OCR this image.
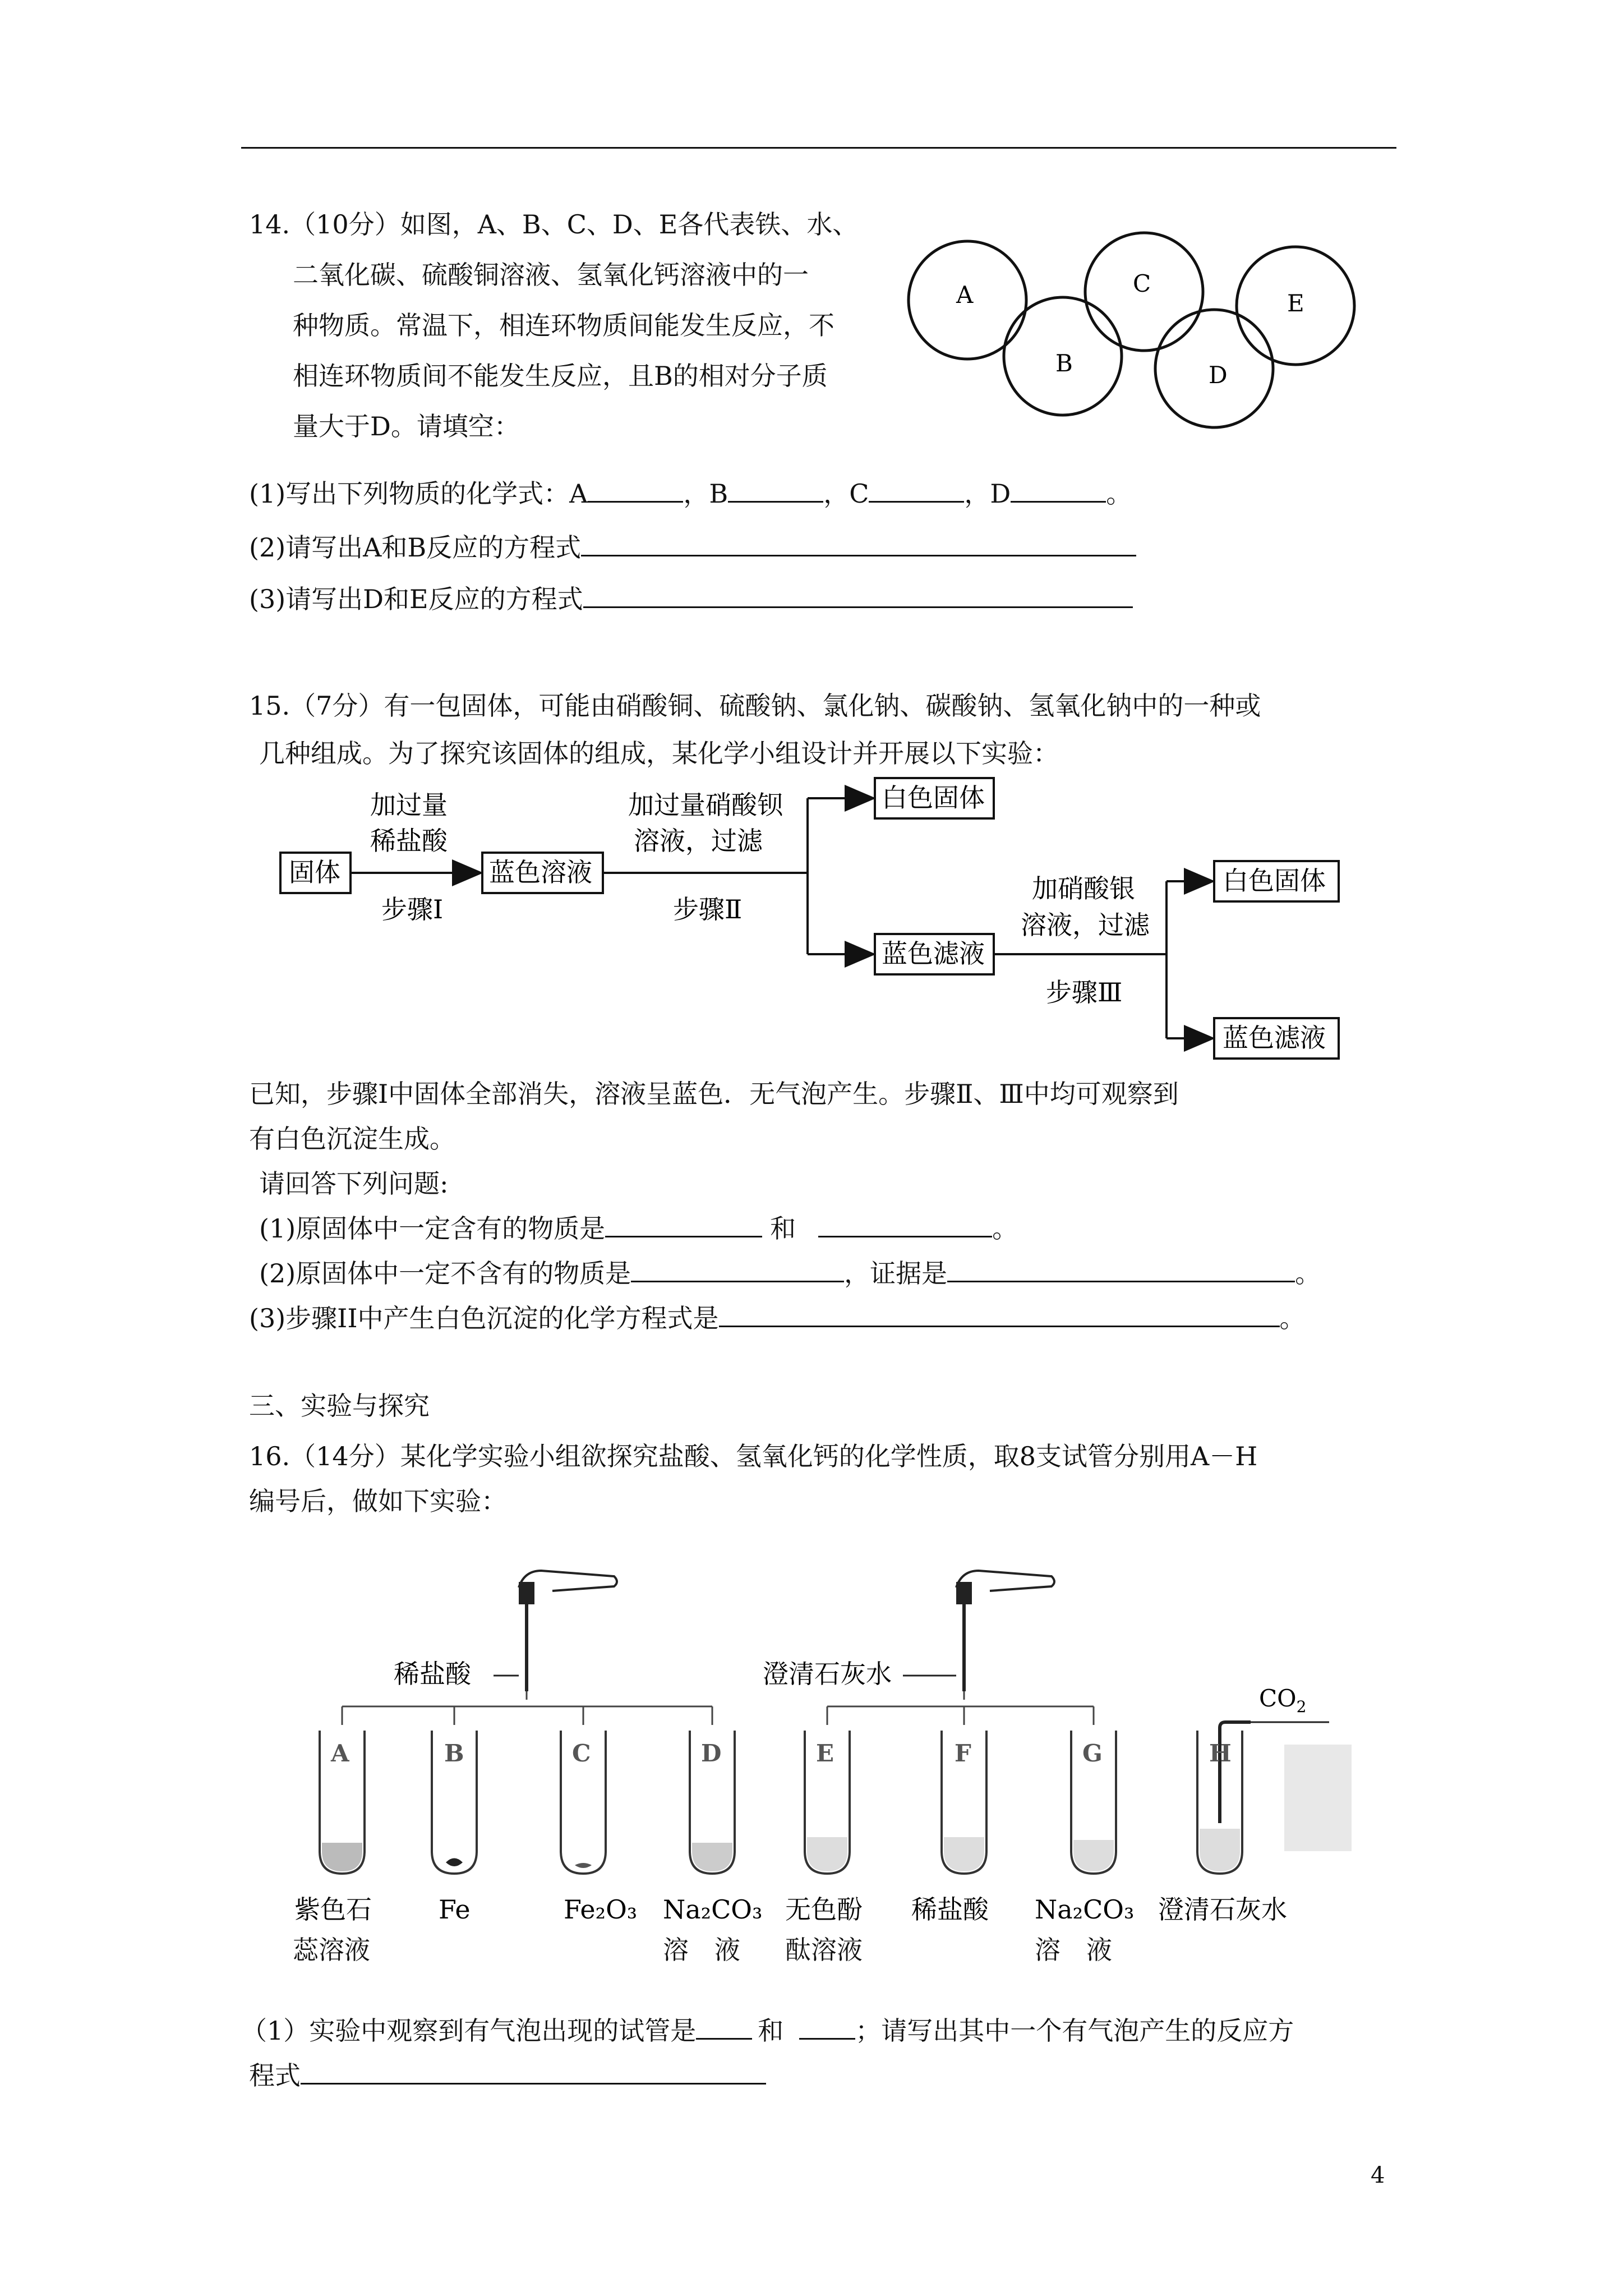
14.（10分）如图，A、B、C、D、E各代表铁、水、
二氧化碳、硫酸铜溶液、氢氧化钙溶液中的一
种物质。常温下，相连环物质间能发生反应，不
相连环物质间不能发生反应，且B的相对分子质
量大于D。请填空：
A
B
C
D
E
(1)写出下列物质的化学式：A	，B	，C	，D	。
(2)请写出A和B反应的方程式
(3)请写出D和E反应的方程式
15.（7分）有一包固体，可能由硝酸铜、硫酸钠、氯化钠、碳酸钠、氢氧化钠中的一种或
几种组成。为了探究该固体的组成，某化学小组设计并开展以下实验：
固体	蓝色溶液
白色固体
蓝色滤液
白色固体
蓝色滤液
加过量
稀盐酸
步骤Ⅰ
加过量硝酸钡
溶液，过滤
步骤Ⅱ
加硝酸银
溶液，过滤
步骤Ⅲ
已知，步骤Ⅰ中固体全部消失，溶液呈蓝色．无气泡产生。步骤Ⅱ、Ⅲ中均可观察到
有白色沉淀生成。
请回答下列问题:
(1)原固体中一定含有的物质是	和	。
(2)原固体中一定不含有的物质是	，证据是	。
(3)步骤II中产生白色沉淀的化学方程式是	。
三、实验与探究
16.（14分）某化学实验小组欲探究盐酸、氢氧化钙的化学性质，取8支试管分别用A－H
编号后，做如下实验：
稀盐酸	澄清石灰水
$CO_2$
A	B	C	D	E	F	G	H
紫色石	Fe	Fe₂O₃ Na₂CO₃ 无色酚 稀盐酸 Na₂CO₃ 澄清石灰水
蕊溶液	溶　液 酞溶液	溶　液
（1）实验中观察到有气泡出现的试管是 和	；请写出其中一个有气泡产生的反应方
程式
4
